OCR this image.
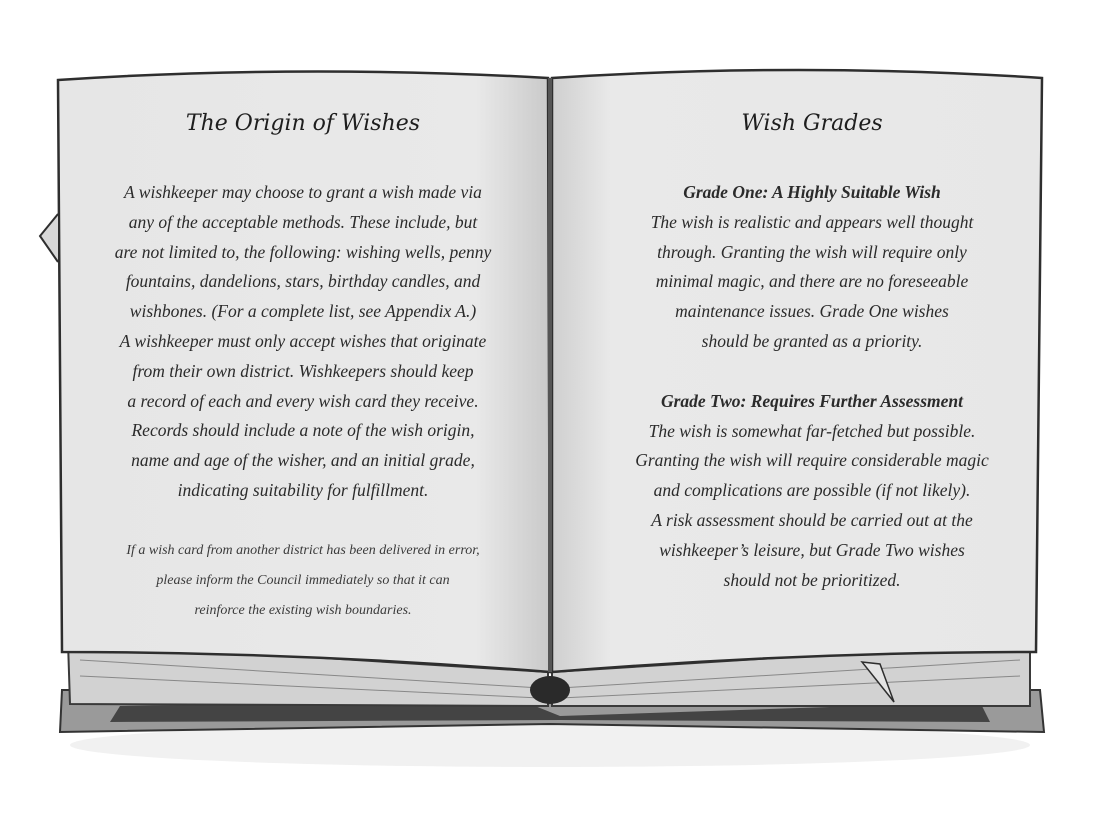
The Origin of Wishes
A wishkeeper may choose to grant a wish made via
any of the acceptable methods. These include, but
are not limited to, the following: wishing wells, penny
fountains, dandelions, stars, birthday candles, and
wishbones. (For a complete list, see Appendix A.)
A wishkeeper must only accept wishes that originate
from their own district. Wishkeepers should keep
a record of each and every wish card they receive.
Records should include a note of the wish origin,
name and age of the wisher, and an initial grade,
indicating suitability for fulfillment.
If a wish card from another district has been delivered in error,
please inform the Council immediately so that it can
reinforce the existing wish boundaries.
Wish Grades
Grade One: A Highly Suitable Wish
The wish is realistic and appears well thought
through. Granting the wish will require only
minimal magic, and there are no foreseeable
maintenance issues. Grade One wishes
should be granted as a priority.
Grade Two: Requires Further Assessment
The wish is somewhat far-fetched but possible.
Granting the wish will require considerable magic
and complications are possible (if not likely).
A risk assessment should be carried out at the
wishkeeper’s leisure, but Grade Two wishes
should not be prioritized.
